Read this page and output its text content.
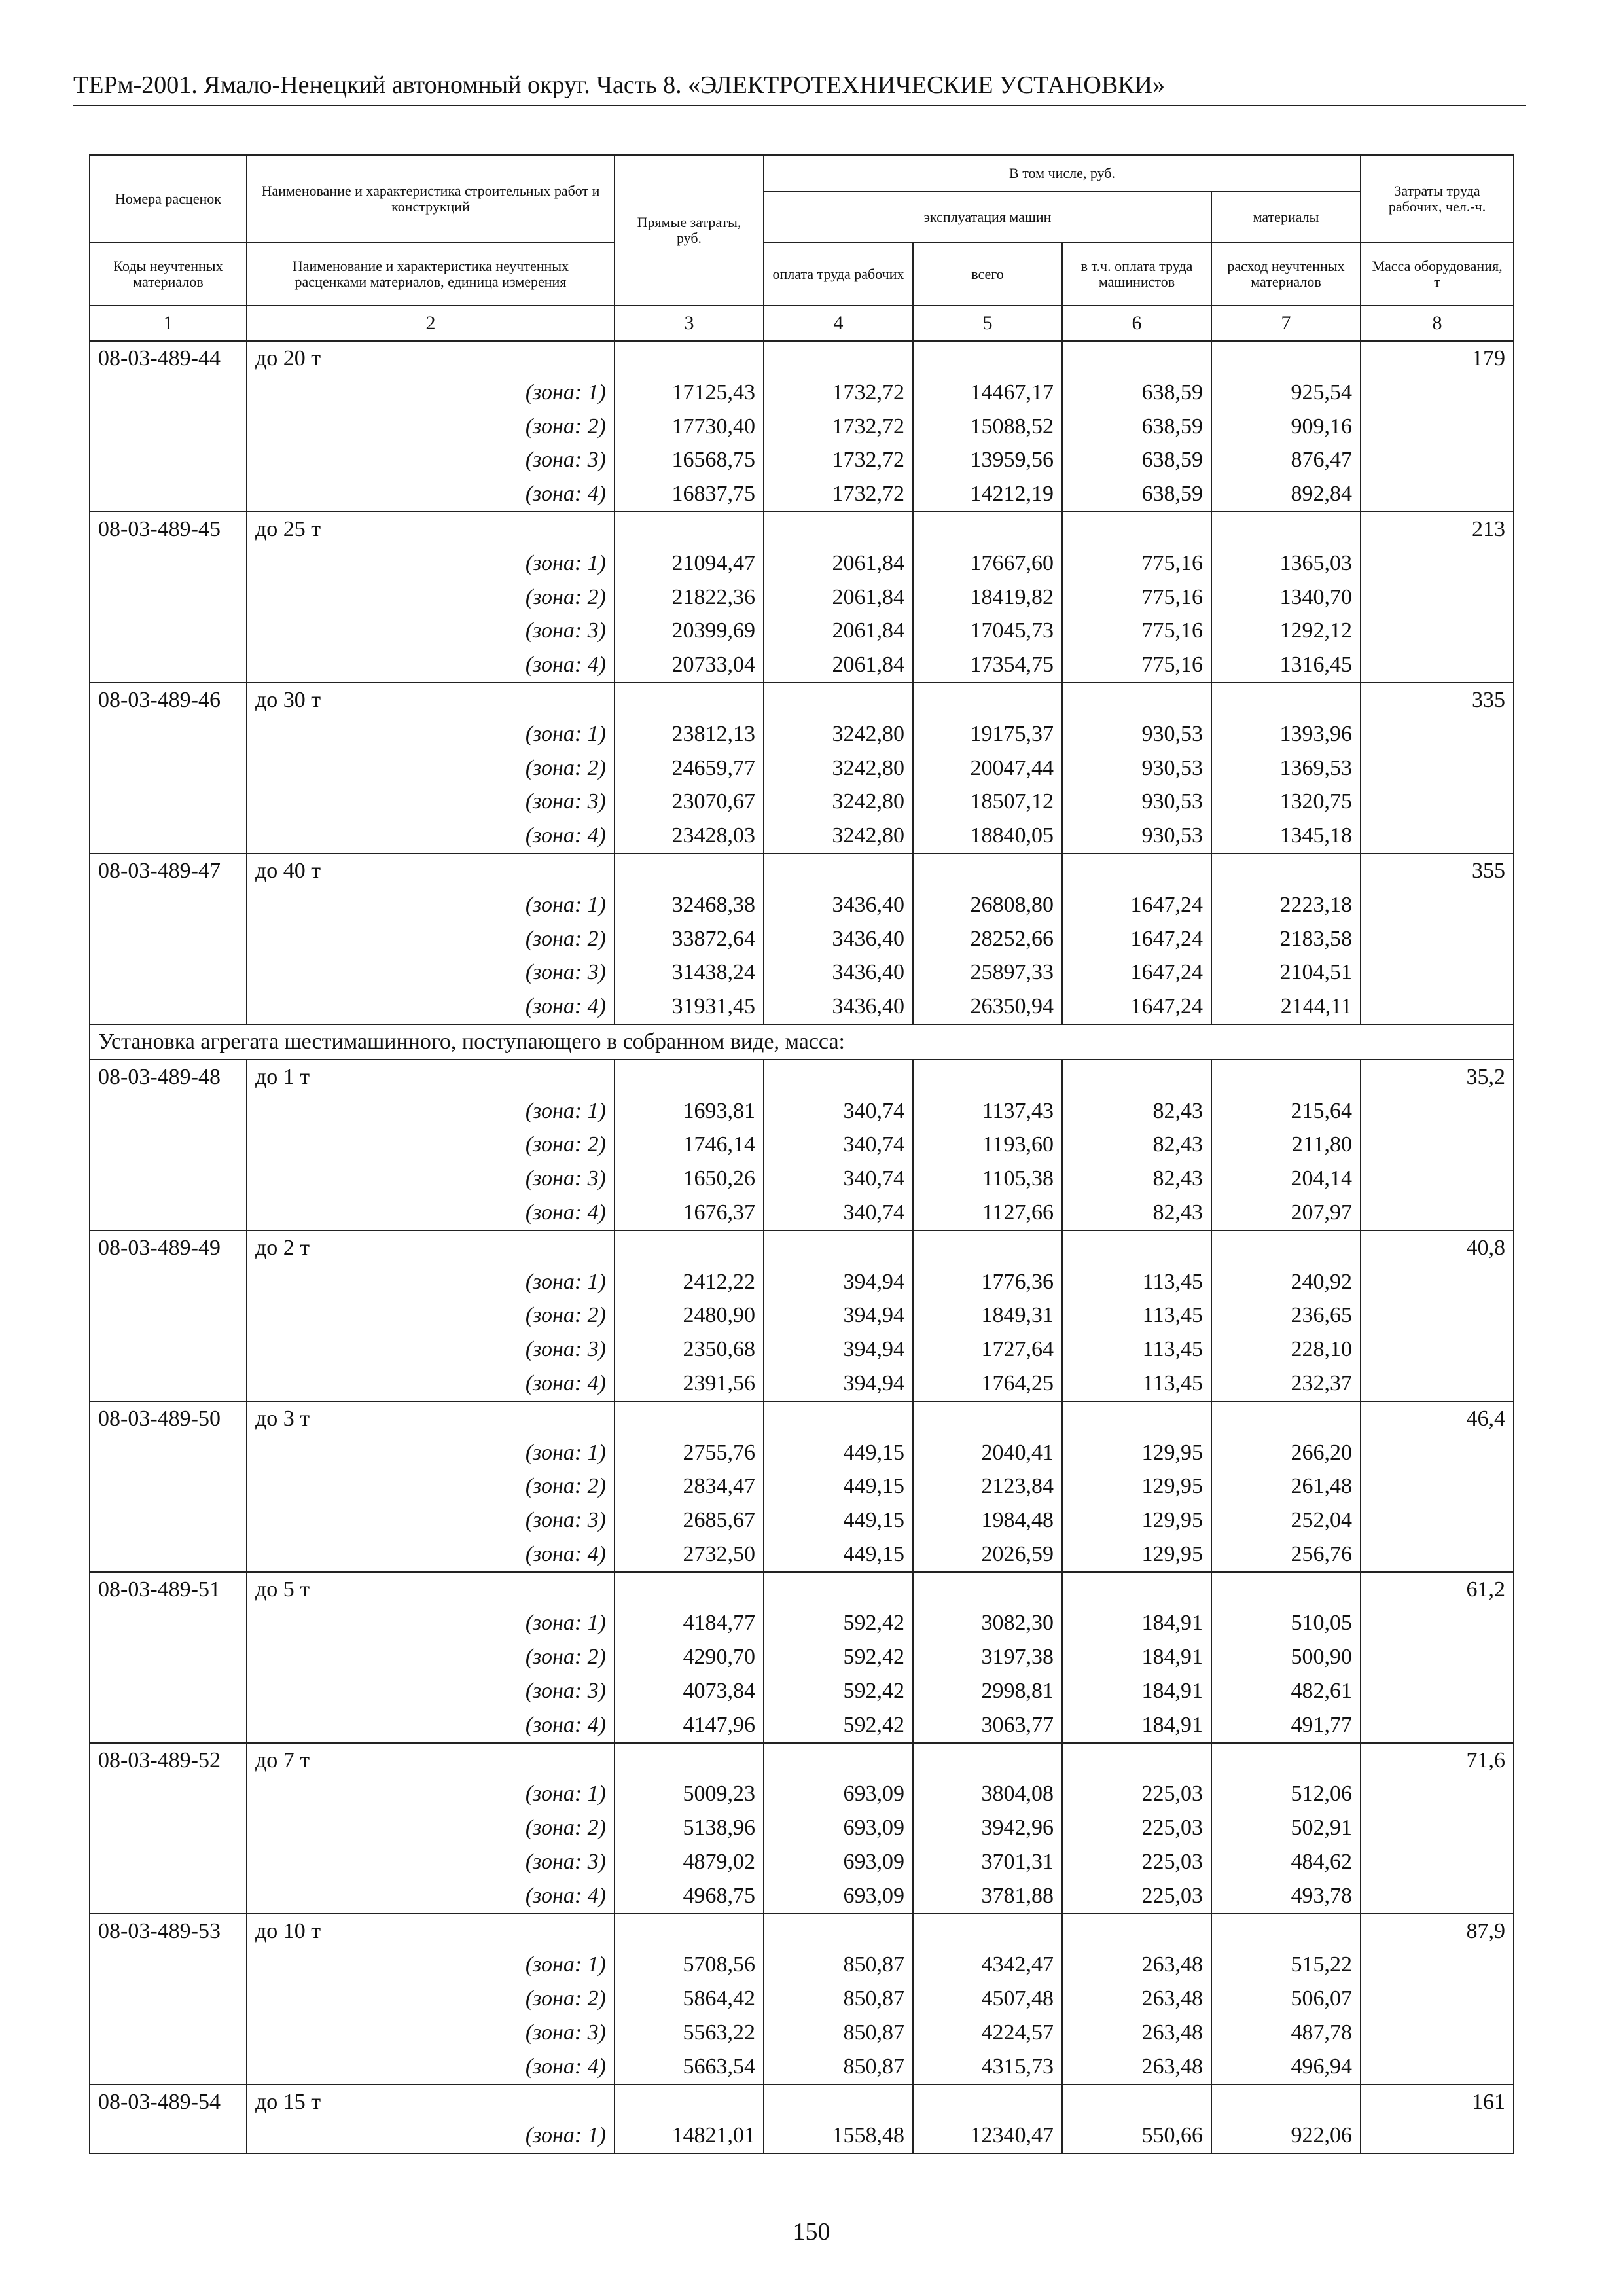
ТЕРм-2001. Ямало-Ненецкий автономный округ. Часть 8. «ЭЛЕКТРОТЕХНИЧЕСКИЕ УСТАНОВКИ»
Номера расценок	Наименование и характеристика строительных работ и конструкций	Прямые затраты, руб.	В том числе, руб.				Затраты труда рабочих, чел.-ч.
			эксплуатация машин			материалы	
Коды неучтенных материалов	Наименование и характеристика неучтенных расценками материалов, единица измерения		оплата труда рабочих	всего	в т.ч. оплата труда машинистов	расход неучтенных материалов	Масса оборудования, т
1	2	3	4	5	6	7	8
08-03-489-44	до 20 т						179
	(зона: 1)	17125,43	1732,72	14467,17	638,59	925,54	
	(зона: 2)	17730,40	1732,72	15088,52	638,59	909,16	
	(зона: 3)	16568,75	1732,72	13959,56	638,59	876,47	
	(зона: 4)	16837,75	1732,72	14212,19	638,59	892,84	
08-03-489-45	до 25 т						213
	(зона: 1)	21094,47	2061,84	17667,60	775,16	1365,03	
	(зона: 2)	21822,36	2061,84	18419,82	775,16	1340,70	
	(зона: 3)	20399,69	2061,84	17045,73	775,16	1292,12	
	(зона: 4)	20733,04	2061,84	17354,75	775,16	1316,45	
08-03-489-46	до 30 т						335
	(зона: 1)	23812,13	3242,80	19175,37	930,53	1393,96	
	(зона: 2)	24659,77	3242,80	20047,44	930,53	1369,53	
	(зона: 3)	23070,67	3242,80	18507,12	930,53	1320,75	
	(зона: 4)	23428,03	3242,80	18840,05	930,53	1345,18	
08-03-489-47	до 40 т						355
	(зона: 1)	32468,38	3436,40	26808,80	1647,24	2223,18	
	(зона: 2)	33872,64	3436,40	28252,66	1647,24	2183,58	
	(зона: 3)	31438,24	3436,40	25897,33	1647,24	2104,51	
	(зона: 4)	31931,45	3436,40	26350,94	1647,24	2144,11	
Установка агрегата шестимашинного, поступающего в собранном виде, масса:							
08-03-489-48	до 1 т						35,2
	(зона: 1)	1693,81	340,74	1137,43	82,43	215,64	
	(зона: 2)	1746,14	340,74	1193,60	82,43	211,80	
	(зона: 3)	1650,26	340,74	1105,38	82,43	204,14	
	(зона: 4)	1676,37	340,74	1127,66	82,43	207,97	
08-03-489-49	до 2 т						40,8
	(зона: 1)	2412,22	394,94	1776,36	113,45	240,92	
	(зона: 2)	2480,90	394,94	1849,31	113,45	236,65	
	(зона: 3)	2350,68	394,94	1727,64	113,45	228,10	
	(зона: 4)	2391,56	394,94	1764,25	113,45	232,37	
08-03-489-50	до 3 т						46,4
	(зона: 1)	2755,76	449,15	2040,41	129,95	266,20	
	(зона: 2)	2834,47	449,15	2123,84	129,95	261,48	
	(зона: 3)	2685,67	449,15	1984,48	129,95	252,04	
	(зона: 4)	2732,50	449,15	2026,59	129,95	256,76	
08-03-489-51	до 5 т						61,2
	(зона: 1)	4184,77	592,42	3082,30	184,91	510,05	
	(зона: 2)	4290,70	592,42	3197,38	184,91	500,90	
	(зона: 3)	4073,84	592,42	2998,81	184,91	482,61	
	(зона: 4)	4147,96	592,42	3063,77	184,91	491,77	
08-03-489-52	до 7 т						71,6
	(зона: 1)	5009,23	693,09	3804,08	225,03	512,06	
	(зона: 2)	5138,96	693,09	3942,96	225,03	502,91	
	(зона: 3)	4879,02	693,09	3701,31	225,03	484,62	
	(зона: 4)	4968,75	693,09	3781,88	225,03	493,78	
08-03-489-53	до 10 т						87,9
	(зона: 1)	5708,56	850,87	4342,47	263,48	515,22	
	(зона: 2)	5864,42	850,87	4507,48	263,48	506,07	
	(зона: 3)	5563,22	850,87	4224,57	263,48	487,78	
	(зона: 4)	5663,54	850,87	4315,73	263,48	496,94	
08-03-489-54	до 15 т						161
	(зона: 1)	14821,01	1558,48	12340,47	550,66	922,06	
150
